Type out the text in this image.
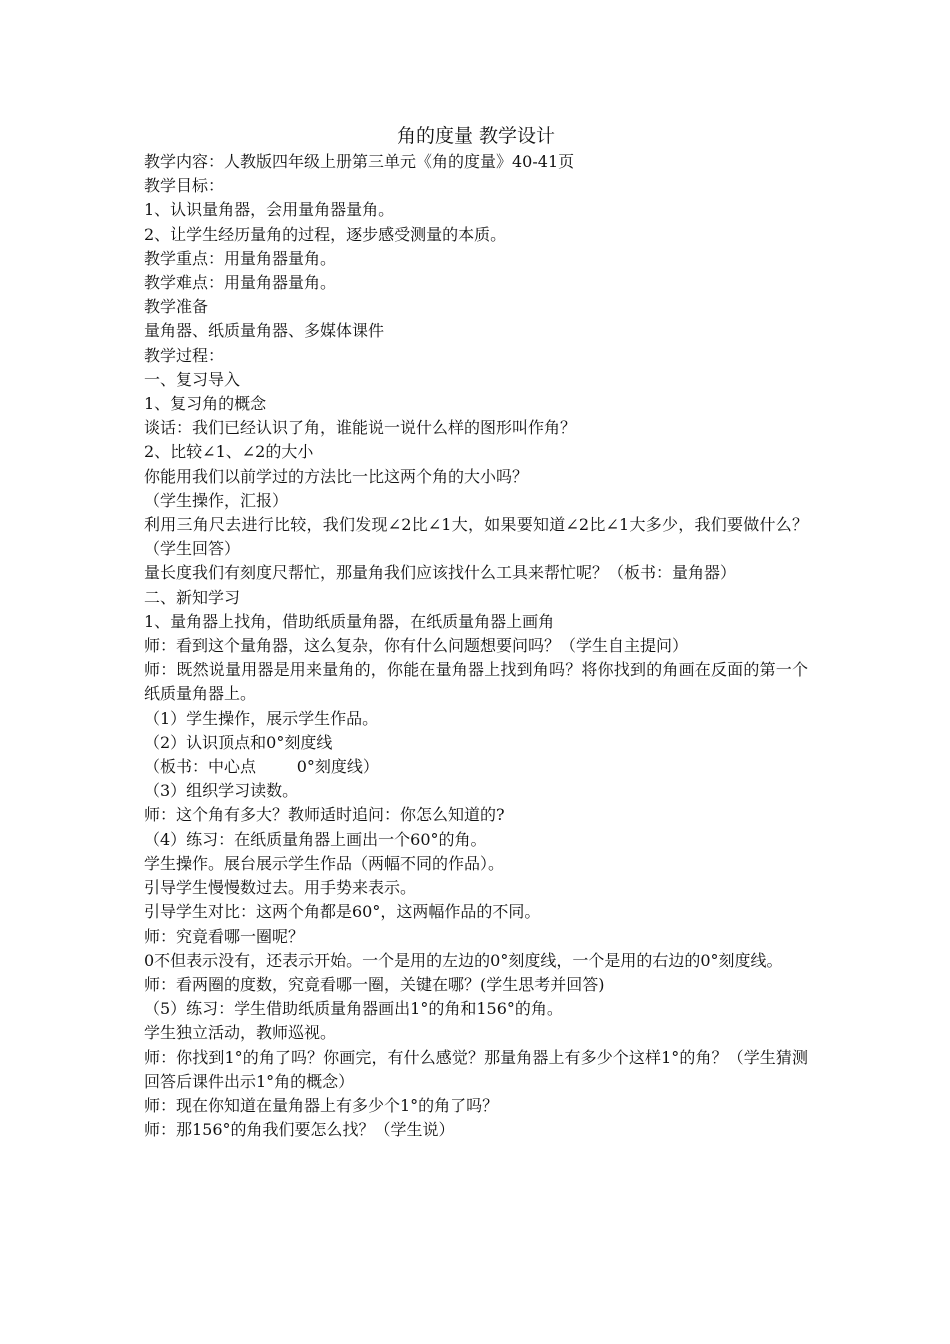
角的度量 教学设计

教学内容：人教版四年级上册第三单元《角的度量》40-41页

教学目标：

1、认识量角器，会用量角器量角。

2、让学生经历量角的过程，逐步感受测量的本质。

教学重点：用量角器量角。

教学难点：用量角器量角。

教学准备

量角器、纸质量角器、多媒体课件

教学过程：

一、复习导入

1、复习角的概念

谈话：我们已经认识了角，谁能说一说什么样的图形叫作角？

2、比较∠1、∠2的大小

你能用我们以前学过的方法比一比这两个角的大小吗？

（学生操作，汇报）

利用三角尺去进行比较，我们发现∠2比∠1大，如果要知道∠2比∠1大多少，我们要做什么？（学生回答）

量长度我们有刻度尺帮忙，那量角我们应该找什么工具来帮忙呢？（板书：量角器）

二、新知学习

1、量角器上找角，借助纸质量角器，在纸质量角器上画角

师：看到这个量角器，这么复杂，你有什么问题想要问吗？（学生自主提问）

师：既然说量用器是用来量角的，你能在量角器上找到角吗？将你找到的角画在反面的第一个纸质量角器上。

（1）学生操作，展示学生作品。

（2）认识顶点和0°刻度线

（板书：中心点        0°刻度线）

（3）组织学习读数。

师：这个角有多大？教师适时追问：你怎么知道的?

（4）练习：在纸质量角器上画出一个60°的角。

学生操作。展台展示学生作品（两幅不同的作品）。

引导学生慢慢数过去。用手势来表示。

引导学生对比：这两个角都是60°，这两幅作品的不同。

师：究竟看哪一圈呢？

0不但表示没有，还表示开始。一个是用的左边的0°刻度线，一个是用的右边的0°刻度线。

师：看两圈的度数，究竟看哪一圈，关键在哪？(学生思考并回答)

（5）练习：学生借助纸质量角器画出1°的角和156°的角。

学生独立活动，教师巡视。

师：你找到1°的角了吗？你画完，有什么感觉？那量角器上有多少个这样1°的角？（学生猜测回答后课件出示1°角的概念）

师：现在你知道在量角器上有多少个1°的角了吗？

师：那156°的角我们要怎么找？（学生说）
